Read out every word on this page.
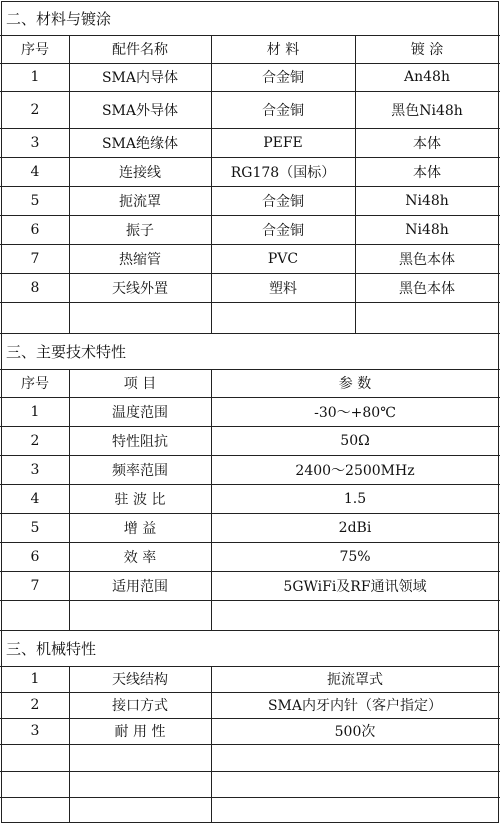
二、材料与镀涂
序号	配件名称	材 料	镀 涂
1	SMA内导体	合金铜	An48h
2	SMA外导体	合金铜	黑色Ni48h
3	SMA绝缘体	PEFE	本体
4	连接线	RG178（国标）	本体
5	扼流罩	合金铜	Ni48h
6	振子	合金铜	Ni48h
7	热缩管	PVC	黑色本体
8	天线外置	塑料	黑色本体
三、主要技术特性
序号	项 目	参 数
1	温度范围	-30～+80℃
2	特性阻抗	50Ω
3	频率范围	2400～2500MHz
4	驻 波 比	1.5
5	增 益	2dBi
6	效 率	75%
7	适用范围	5GWiFi及RF通讯领域
三、机械特性
1	天线结构	扼流罩式
2	接口方式	SMA内牙内针（客户指定）
3	耐 用 性	500次
